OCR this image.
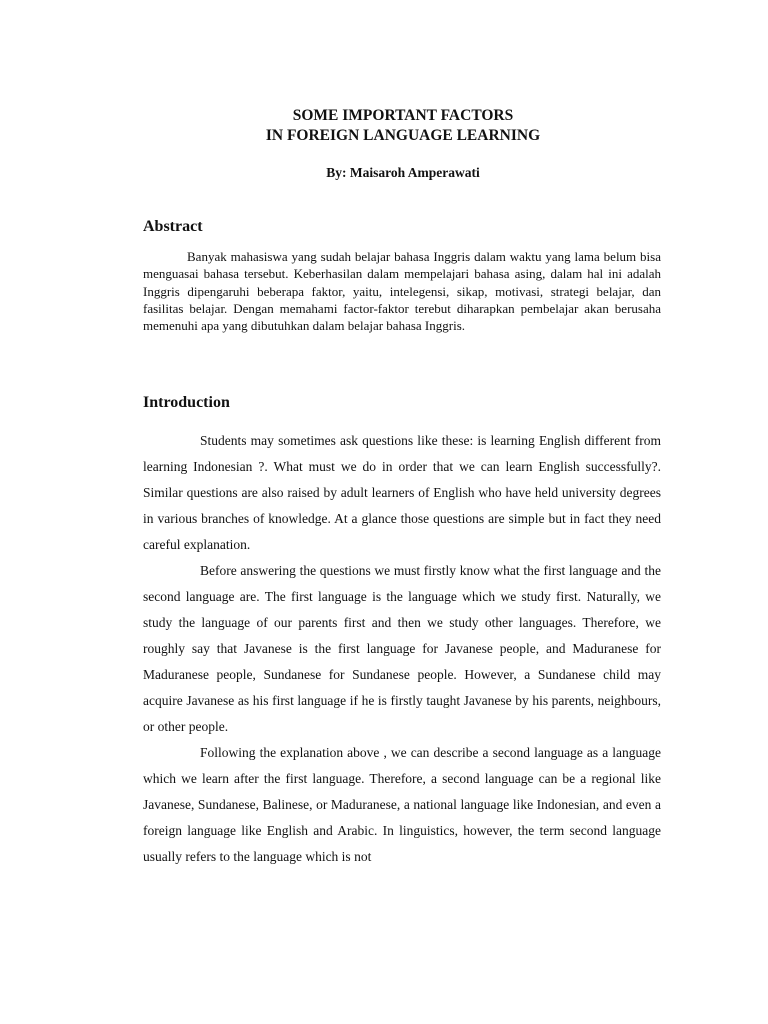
SOME IMPORTANT FACTORS
IN FOREIGN LANGUAGE LEARNING
By: Maisaroh Amperawati
Abstract

Banyak mahasiswa yang sudah belajar bahasa Inggris dalam waktu yang lama belum bisa menguasai bahasa tersebut. Keberhasilan dalam mempelajari bahasa asing, dalam hal ini adalah Inggris dipengaruhi beberapa faktor, yaitu, intelegensi, sikap, motivasi, strategi belajar, dan fasilitas belajar. Dengan memahami factor-faktor terebut diharapkan pembelajar akan berusaha memenuhi apa yang dibutuhkan dalam belajar bahasa Inggris.

Introduction

Students may sometimes ask questions like these: is learning English different from learning Indonesian ?. What must we do in order that we can learn English successfully?. Similar questions are also raised by adult learners of English who have held university degrees in various branches of knowledge. At a glance those questions are simple but in fact they need careful explanation.

Before answering the questions we must firstly know what the first language and the second language are. The first language is the language which we study first. Naturally, we study the language of our parents first and then we study other languages. Therefore, we roughly say that Javanese is the first language for Javanese people, and Maduranese for Maduranese people, Sundanese for Sundanese people. However, a Sundanese child may acquire Javanese as his first language if he is firstly taught Javanese by his parents, neighbours, or other people.

Following the explanation above , we can describe a second language as a language which we learn after the first language. Therefore, a second language can be a regional like Javanese, Sundanese, Balinese, or Maduranese, a national language like Indonesian, and even a foreign language like English and Arabic. In linguistics, however, the term second language usually refers to the language which is not
